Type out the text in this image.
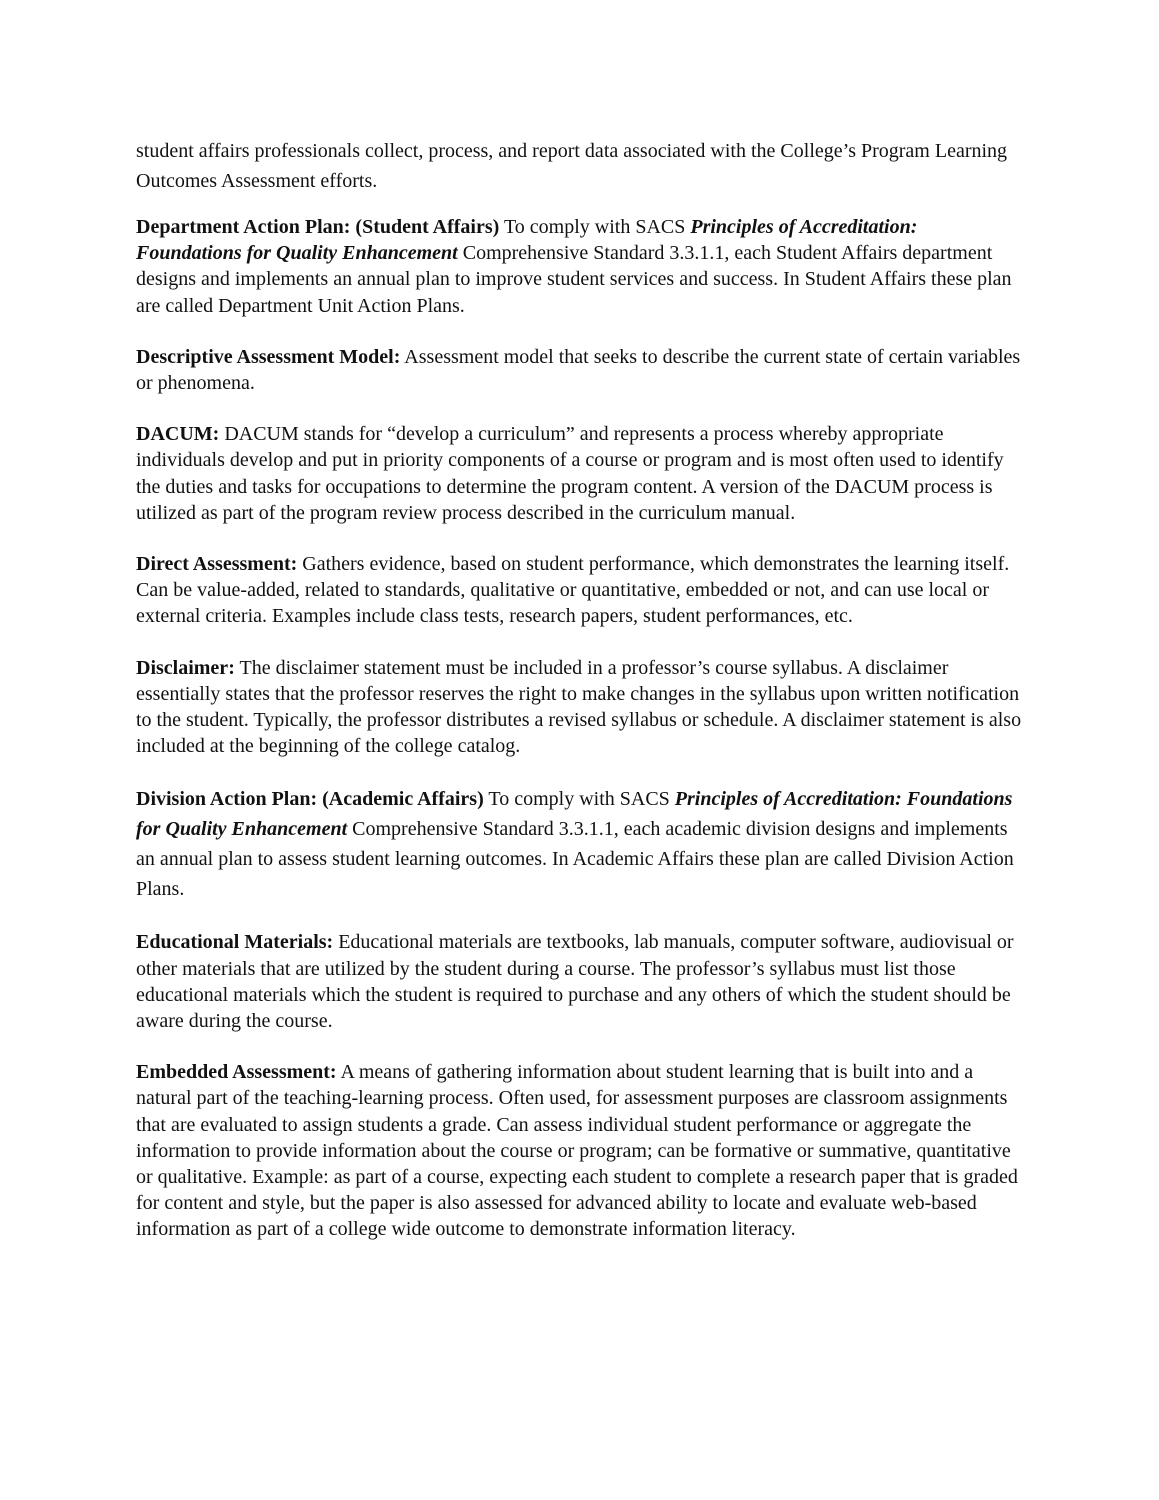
student affairs professionals collect, process, and report data associated with the College’s Program Learning Outcomes Assessment efforts.

Department Action Plan: (Student Affairs) To comply with SACS Principles of Accreditation: Foundations for Quality Enhancement Comprehensive Standard 3.3.1.1, each Student Affairs department designs and implements an annual plan to improve student services and success. In Student Affairs these plan are called Department Unit Action Plans.

Descriptive Assessment Model: Assessment model that seeks to describe the current state of certain variables or phenomena.

DACUM: DACUM stands for “develop a curriculum” and represents a process whereby appropriate individuals develop and put in priority components of a course or program and is most often used to identify the duties and tasks for occupations to determine the program content. A version of the DACUM process is utilized as part of the program review process described in the curriculum manual.

Direct Assessment: Gathers evidence, based on student performance, which demonstrates the learning itself. Can be value-added, related to standards, qualitative or quantitative, embedded or not, and can use local or external criteria. Examples include class tests, research papers, student performances, etc.

Disclaimer: The disclaimer statement must be included in a professor’s course syllabus. A disclaimer essentially states that the professor reserves the right to make changes in the syllabus upon written notification to the student. Typically, the professor distributes a revised syllabus or schedule. A disclaimer statement is also included at the beginning of the college catalog.

Division Action Plan: (Academic Affairs) To comply with SACS Principles of Accreditation: Foundations for Quality Enhancement Comprehensive Standard 3.3.1.1, each academic division designs and implements an annual plan to assess student learning outcomes. In Academic Affairs these plan are called Division Action Plans.

Educational Materials: Educational materials are textbooks, lab manuals, computer software, audiovisual or other materials that are utilized by the student during a course. The professor’s syllabus must list those educational materials which the student is required to purchase and any others of which the student should be aware during the course.

Embedded Assessment: A means of gathering information about student learning that is built into and a natural part of the teaching-learning process. Often used, for assessment purposes are classroom assignments that are evaluated to assign students a grade. Can assess individual student performance or aggregate the information to provide information about the course or program; can be formative or summative, quantitative or qualitative. Example: as part of a course, expecting each student to complete a research paper that is graded for content and style, but the paper is also assessed for advanced ability to locate and evaluate web-based information as part of a college wide outcome to demonstrate information literacy.
